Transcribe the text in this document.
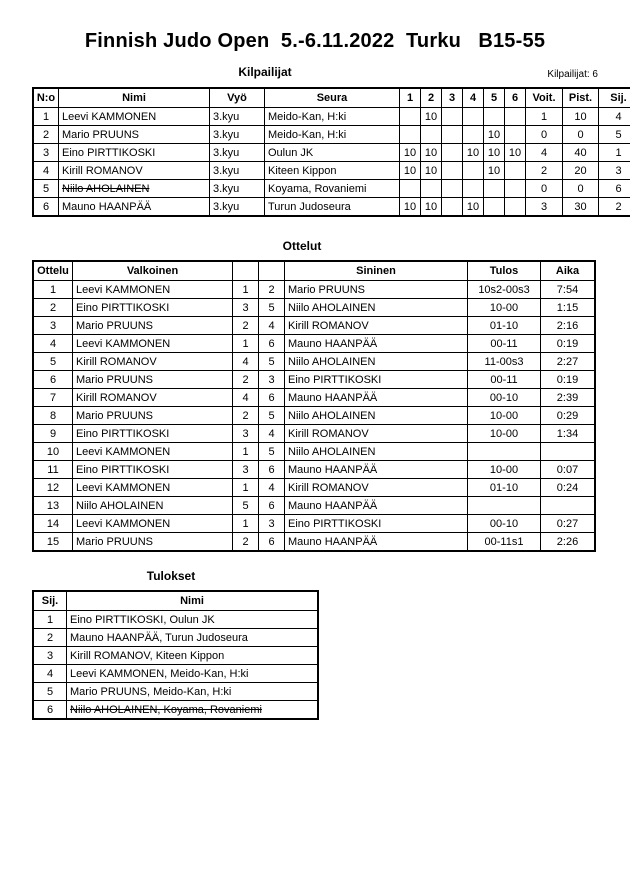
Finnish Judo Open  5.-6.11.2022  Turku   B15-55
Kilpailijat	Kilpailijat: 6
N:o	Nimi	Vyö	Seura	1	2	3	4	5	6	Voit.	Pist.	Sij.
1	Leevi KAMMONEN	3.kyu	Meido-Kan, H:ki		10					1	10	4
2	Mario PRUUNS	3.kyu	Meido-Kan, H:ki					10		0	0	5
3	Eino PIRTTIKOSKI	3.kyu	Oulun JK	10	10		10	10	10	4	40	1
4	Kirill ROMANOV	3.kyu	Kiteen Kippon	10	10			10		2	20	3
5	Niilo AHOLAINEN	3.kyu	Koyama, Rovaniemi							0	0	6
6	Mauno HAANPÄÄ	3.kyu	Turun Judoseura	10	10		10			3	30	2
Ottelut
Ottelu	Valkoinen			Sininen	Tulos	Aika
1	Leevi KAMMONEN	1	2	Mario PRUUNS	10s2-00s3	7:54
2	Eino PIRTTIKOSKI	3	5	Niilo AHOLAINEN	10-00	1:15
3	Mario PRUUNS	2	4	Kirill ROMANOV	01-10	2:16
4	Leevi KAMMONEN	1	6	Mauno HAANPÄÄ	00-11	0:19
5	Kirill ROMANOV	4	5	Niilo AHOLAINEN	11-00s3	2:27
6	Mario PRUUNS	2	3	Eino PIRTTIKOSKI	00-11	0:19
7	Kirill ROMANOV	4	6	Mauno HAANPÄÄ	00-10	2:39
8	Mario PRUUNS	2	5	Niilo AHOLAINEN	10-00	0:29
9	Eino PIRTTIKOSKI	3	4	Kirill ROMANOV	10-00	1:34
10	Leevi KAMMONEN	1	5	Niilo AHOLAINEN		
11	Eino PIRTTIKOSKI	3	6	Mauno HAANPÄÄ	10-00	0:07
12	Leevi KAMMONEN	1	4	Kirill ROMANOV	01-10	0:24
13	Niilo AHOLAINEN	5	6	Mauno HAANPÄÄ		
14	Leevi KAMMONEN	1	3	Eino PIRTTIKOSKI	00-10	0:27
15	Mario PRUUNS	2	6	Mauno HAANPÄÄ	00-11s1	2:26
Tulokset
Sij.	Nimi
1	Eino PIRTTIKOSKI, Oulun JK
2	Mauno HAANPÄÄ, Turun Judoseura
3	Kirill ROMANOV, Kiteen Kippon
4	Leevi KAMMONEN, Meido-Kan, H:ki
5	Mario PRUUNS, Meido-Kan, H:ki
6	Niilo AHOLAINEN, Koyama, Rovaniemi
